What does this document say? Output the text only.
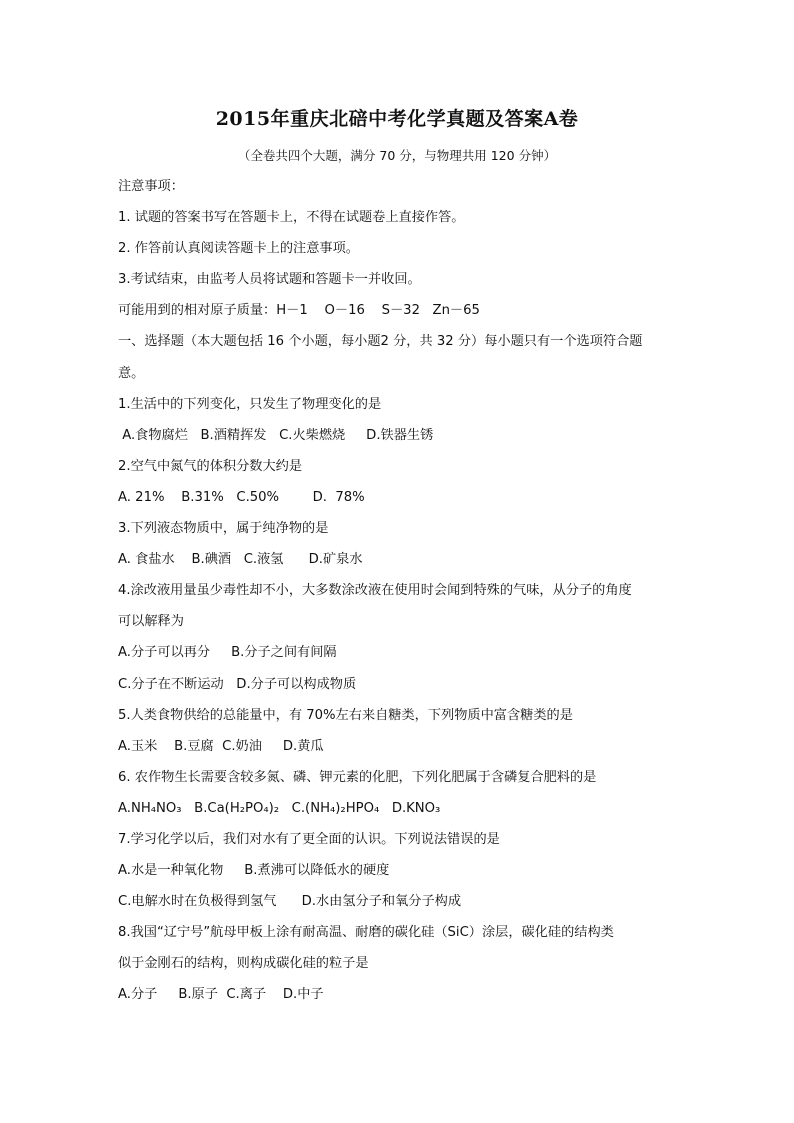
2015年重庆北碚中考化学真题及答案A卷
（全卷共四个大题，满分 70 分，与物理共用 120 分钟）
注意事项：
1. 试题的答案书写在答题卡上，不得在试题卷上直接作答。
2. 作答前认真阅读答题卡上的注意事项。
3.考试结束，由监考人员将试题和答题卡一并收回。
可能用到的相对原子质量：H－1    O－16    S－32   Zn－65
一、选择题（本大题包括 16 个小题，每小题2 分，共 32 分）每小题只有一个选项符合题
意。
1.生活中的下列变化，只发生了物理变化的是
A.食物腐烂   B.酒精挥发   C.火柴燃烧     D.铁器生锈
2.空气中氮气的体积分数大约是
A. 21%    B.31%   C.50%        D.  78%
3.下列液态物质中，属于纯净物的是
A. 食盐水    B.碘酒   C.液氢      D.矿泉水
4.涂改液用量虽少毒性却不小，大多数涂改液在使用时会闻到特殊的气味，从分子的角度
可以解释为
A.分子可以再分     B.分子之间有间隔
C.分子在不断运动   D.分子可以构成物质
5.人类食物供给的总能量中，有 70%左右来自糖类，下列物质中富含糖类的是
A.玉米    B.豆腐  C.奶油     D.黄瓜
6. 农作物生长需要含较多氮、磷、钾元素的化肥，下列化肥属于含磷复合肥料的是
A.NH₄NO₃   B.Ca(H₂PO₄)₂   C.(NH₄)₂HPO₄   D.KNO₃
7.学习化学以后，我们对水有了更全面的认识。下列说法错误的是
A.水是一种氧化物     B.煮沸可以降低水的硬度
C.电解水时在负极得到氢气      D.水由氢分子和氧分子构成
8.我国“辽宁号”航母甲板上涂有耐高温、耐磨的碳化硅（SiC）涂层，碳化硅的结构类
似于金刚石的结构，则构成碳化硅的粒子是
A.分子     B.原子  C.离子    D.中子
